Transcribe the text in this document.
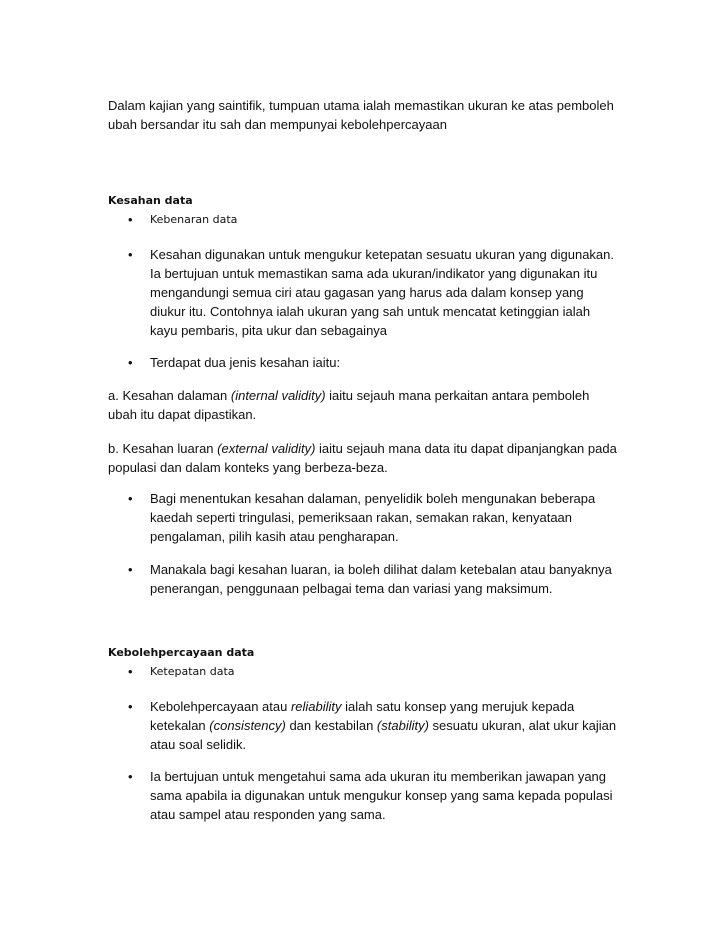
Dalam kajian yang saintifik, tumpuan utama ialah memastikan ukuran ke atas pemboleh
ubah bersandar itu sah dan mempunyai kebolehpercayaan
Kesahan data
• Kebenaran data
• Kesahan digunakan untuk mengukur ketepatan sesuatu ukuran yang digunakan.
Ia bertujuan untuk memastikan sama ada ukuran/indikator yang digunakan itu
mengandungi semua ciri atau gagasan yang harus ada dalam konsep yang
diukur itu. Contohnya ialah ukuran yang sah untuk mencatat ketinggian ialah
kayu pembaris, pita ukur dan sebagainya
• Terdapat dua jenis kesahan iaitu:
a. Kesahan dalaman (internal validity) iaitu sejauh mana perkaitan antara pemboleh
ubah itu dapat dipastikan.
b. Kesahan luaran (external validity) iaitu sejauh mana data itu dapat dipanjangkan pada
populasi dan dalam konteks yang berbeza-beza.
• Bagi menentukan kesahan dalaman, penyelidik boleh mengunakan beberapa
kaedah seperti tringulasi, pemeriksaan rakan, semakan rakan, kenyataan
pengalaman, pilih kasih atau pengharapan.
• Manakala bagi kesahan luaran, ia boleh dilihat dalam ketebalan atau banyaknya
penerangan, penggunaan pelbagai tema dan variasi yang maksimum.
Kebolehpercayaan data
• Ketepatan data
• Kebolehpercayaan atau reliability ialah satu konsep yang merujuk kepada
ketekalan (consistency) dan kestabilan (stability) sesuatu ukuran, alat ukur kajian
atau soal selidik.
• Ia bertujuan untuk mengetahui sama ada ukuran itu memberikan jawapan yang
sama apabila ia digunakan untuk mengukur konsep yang sama kepada populasi
atau sampel atau responden yang sama.
